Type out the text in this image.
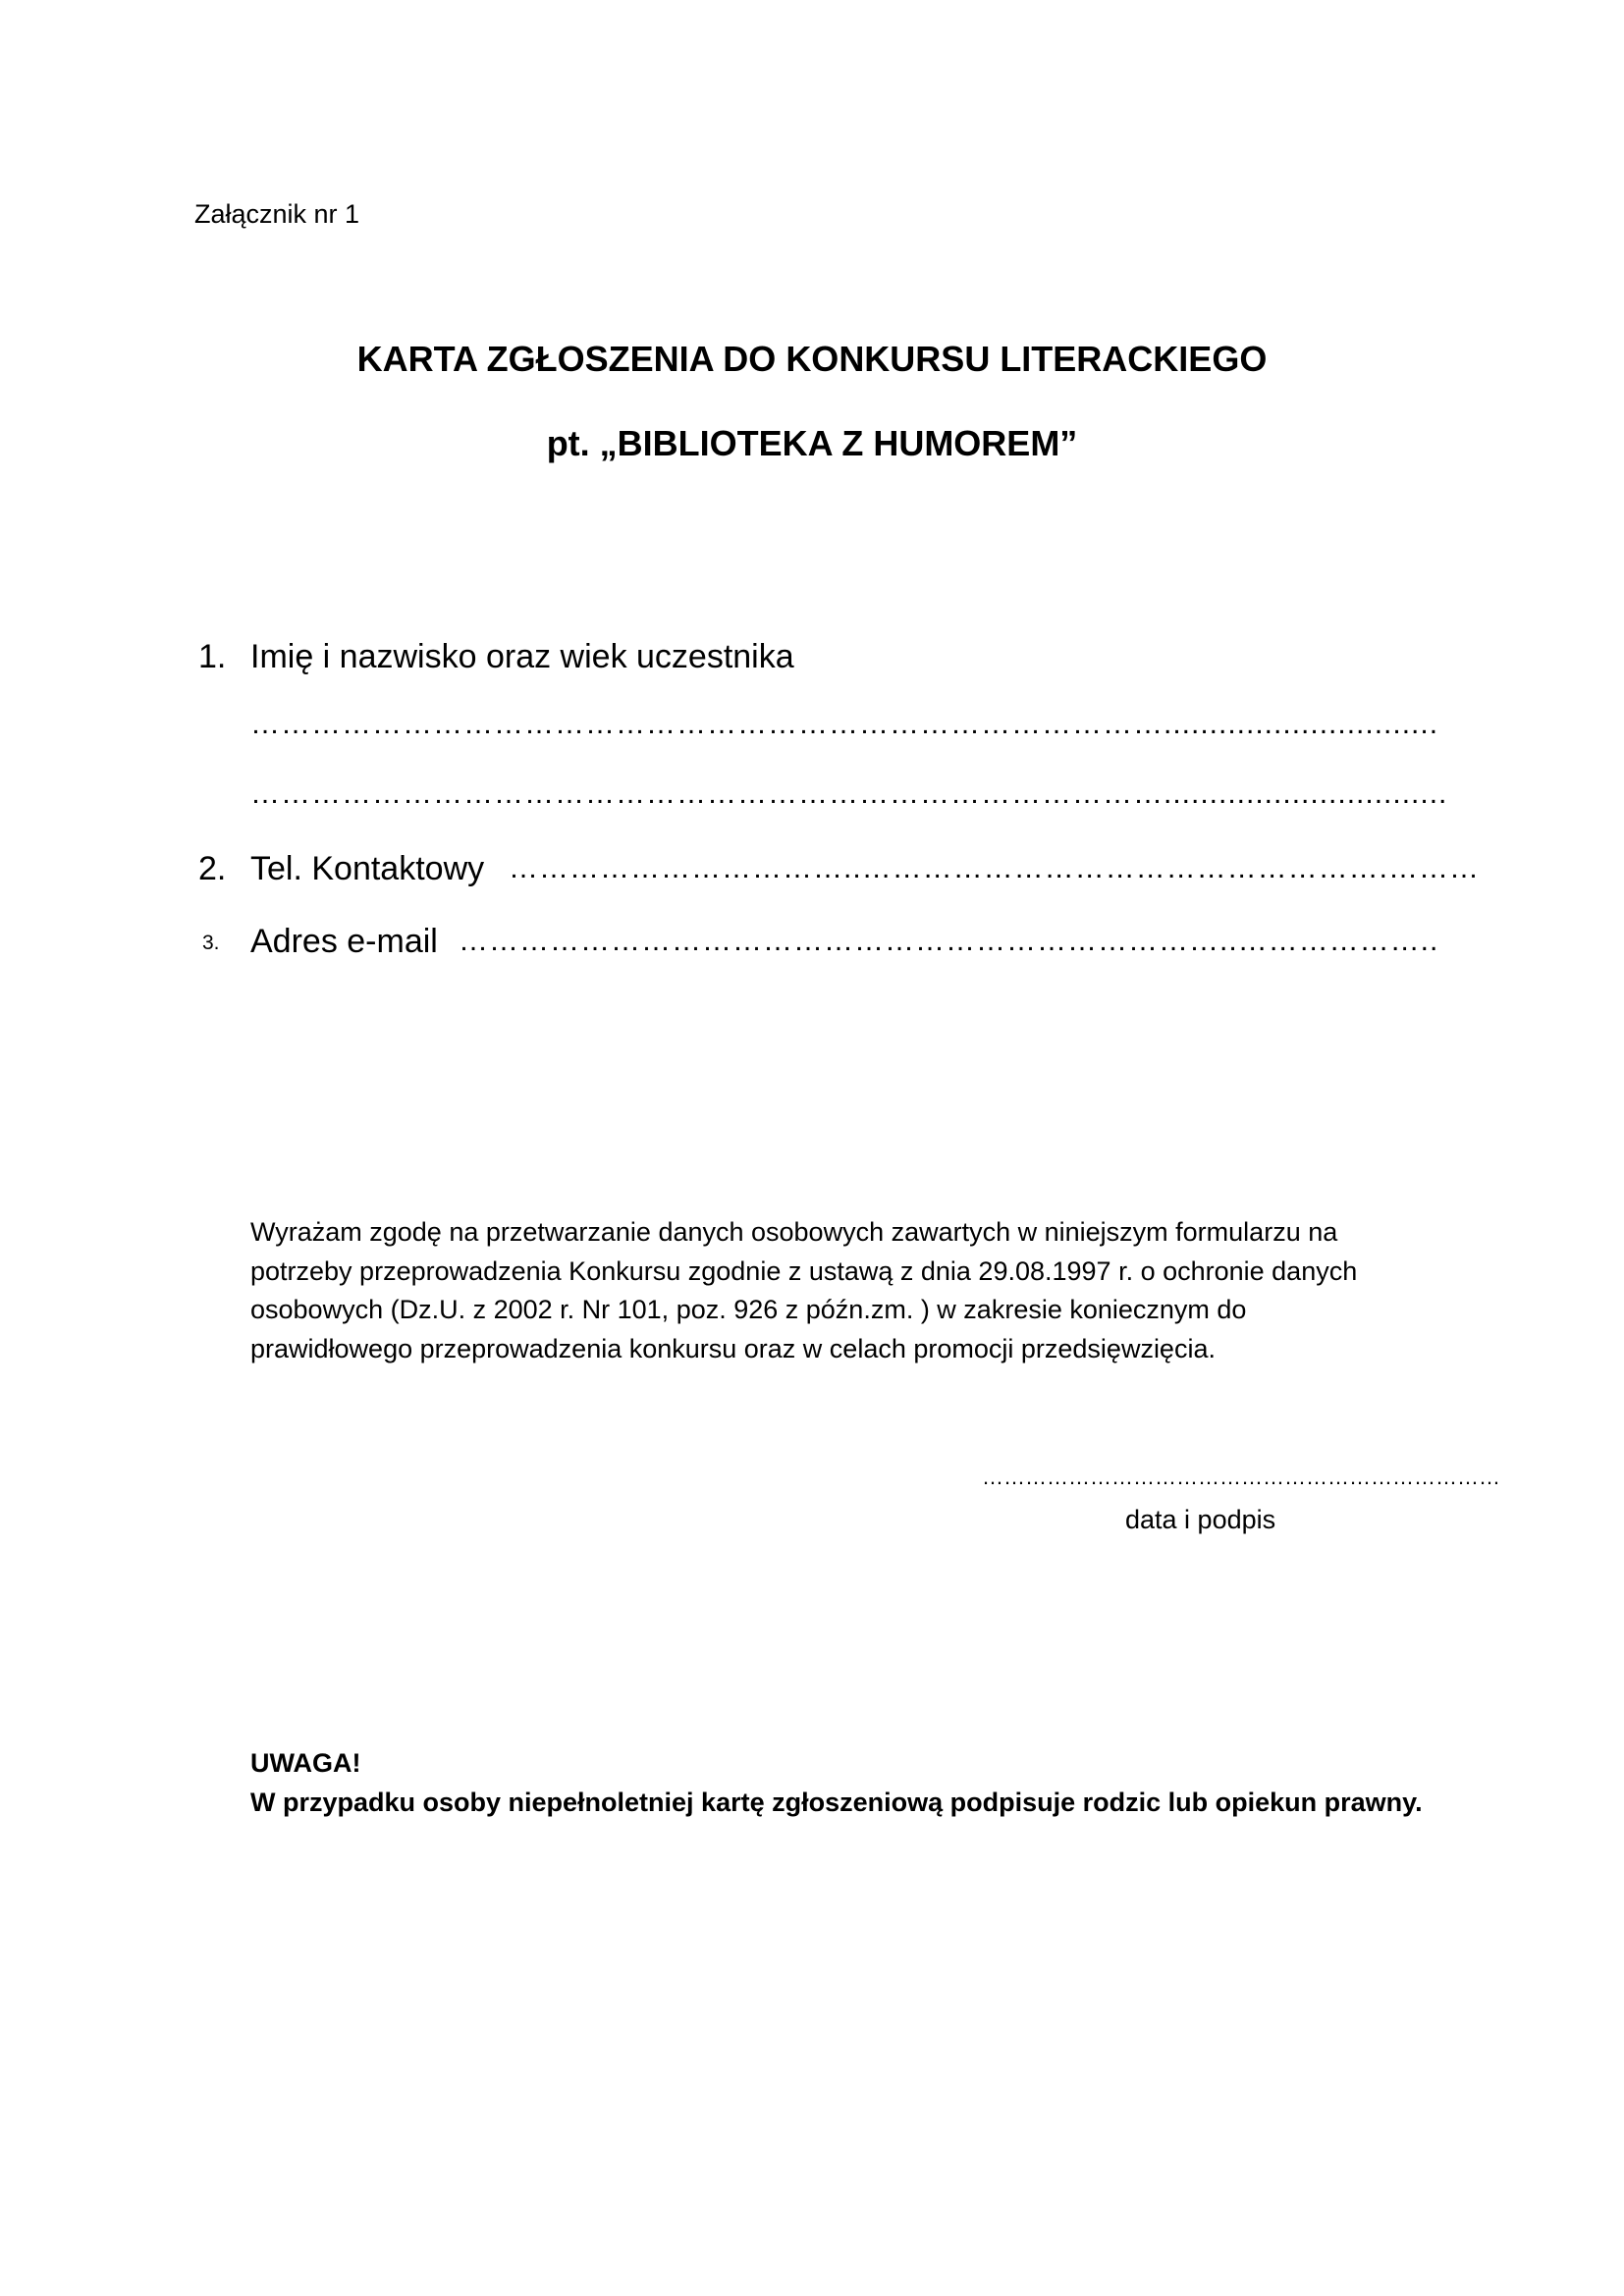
Załącznik nr 1
KARTA ZGŁOSZENIA DO KONKURSU LITERACKIEGO
pt. „BIBLIOTEKA Z HUMOREM”
1. Imię i nazwisko oraz wiek uczestnika
………………………………………………………………………………..............................
………………………………………………………………………………...............................
2. Tel. Kontaktowy ……………………………..…………………………………………….………
3. Adres e-mail …………………………………………………………………..………………..
Wyrażam zgodę na przetwarzanie danych osobowych zawartych w niniejszym formularzu na
potrzeby przeprowadzenia Konkursu zgodnie z ustawą z dnia 29.08.1997 r. o ochronie danych
osobowych (Dz.U. z 2002 r. Nr 101, poz. 926 z późn.zm. ) w zakresie koniecznym do
prawidłowego przeprowadzenia konkursu oraz w celach promocji przedsięwzięcia.
………………………………………………………………
data i podpis
UWAGA!
W przypadku osoby niepełnoletniej kartę zgłoszeniową podpisuje rodzic lub opiekun prawny.
